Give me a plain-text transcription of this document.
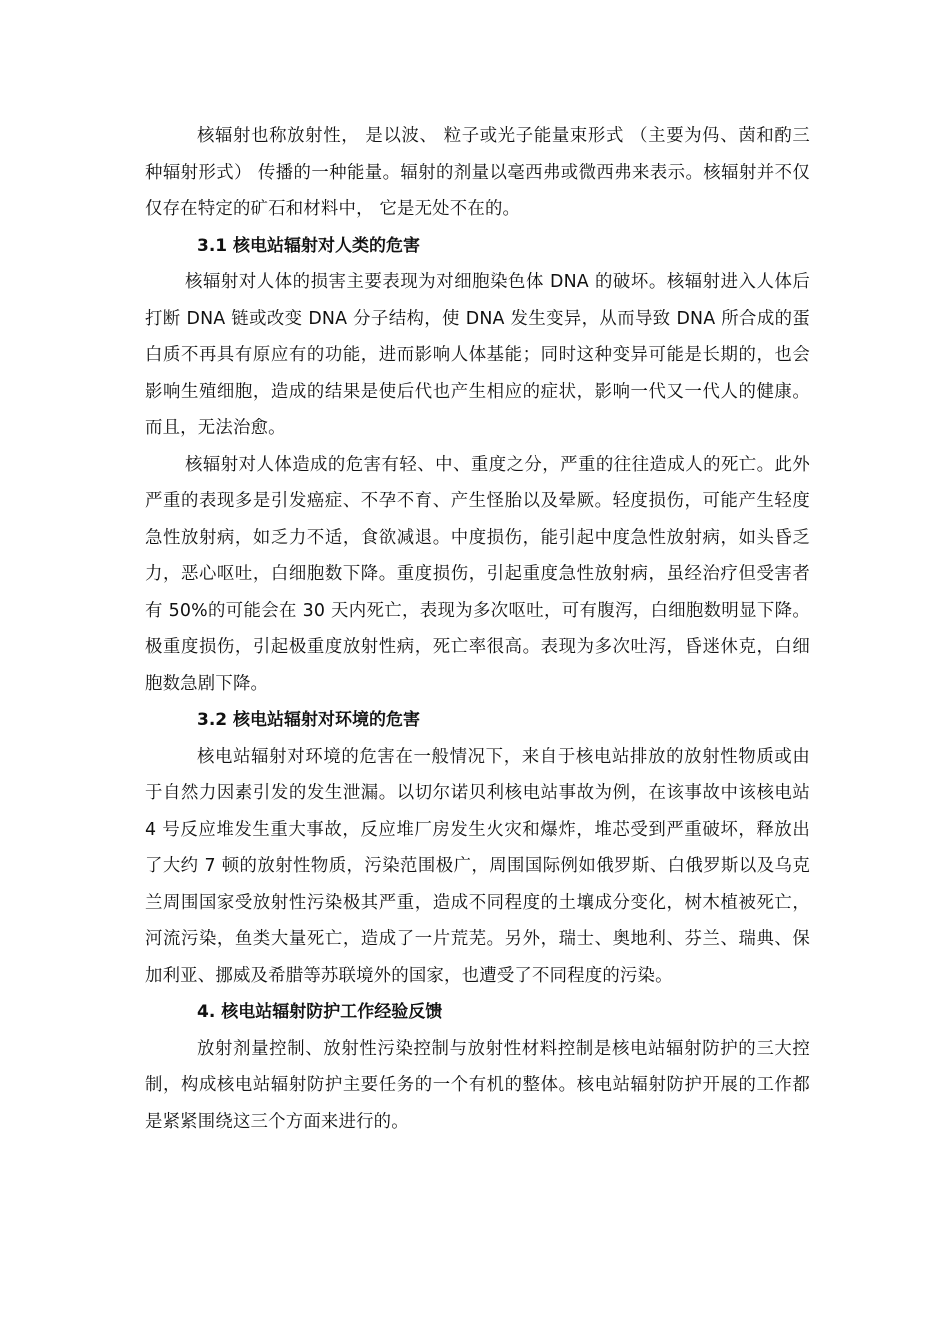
核辐射也称放射性， 是以波、 粒子或光子能量束形式 （主要为㐷、茵和酌三种辐射形式） 传播的一种能量。辐射的剂量以毫西弗或微西弗来表示。核辐射并不仅仅存在特定的矿石和材料中， 它是无处不在的。

3.1 核电站辐射对人类的危害

核辐射对人体的损害主要表现为对细胞染色体 DNA 的破坏。核辐射进入人体后打断 DNA 链或改变 DNA 分子结构，使 DNA 发生变异，从而导致 DNA 所合成的蛋白质不再具有原应有的功能，进而影响人体基能；同时这种变异可能是长期的，也会影响生殖细胞，造成的结果是使后代也产生相应的症状，影响一代又一代人的健康。而且，无法治愈。

核辐射对人体造成的危害有轻、中、重度之分，严重的往往造成人的死亡。此外严重的表现多是引发癌症、不孕不育、产生怪胎以及晕厥。轻度损伤，可能产生轻度急性放射病，如乏力不适，食欲减退。中度损伤，能引起中度急性放射病，如头昏乏力，恶心呕吐，白细胞数下降。重度损伤，引起重度急性放射病，虽经治疗但受害者有 50%的可能会在 30 天内死亡，表现为多次呕吐，可有腹泻，白细胞数明显下降。极重度损伤，引起极重度放射性病，死亡率很高。表现为多次吐泻，昏迷休克，白细胞数急剧下降。

3.2 核电站辐射对环境的危害

核电站辐射对环境的危害在一般情况下，来自于核电站排放的放射性物质或由于自然力因素引发的发生泄漏。以切尔诺贝利核电站事故为例，在该事故中该核电站 4 号反应堆发生重大事故，反应堆厂房发生火灾和爆炸，堆芯受到严重破坏，释放出了大约 7 顿的放射性物质，污染范围极广，周围国际例如俄罗斯、白俄罗斯以及乌克兰周围国家受放射性污染极其严重，造成不同程度的土壤成分变化，树木植被死亡，河流污染，鱼类大量死亡，造成了一片荒芜。另外，瑞士、奥地利、芬兰、瑞典、保加利亚、挪威及希腊等苏联境外的国家，也遭受了不同程度的污染。

4. 核电站辐射防护工作经验反馈

放射剂量控制、放射性污染控制与放射性材料控制是核电站辐射防护的三大控制，构成核电站辐射防护主要任务的一个有机的整体。核电站辐射防护开展的工作都是紧紧围绕这三个方面来进行的。
